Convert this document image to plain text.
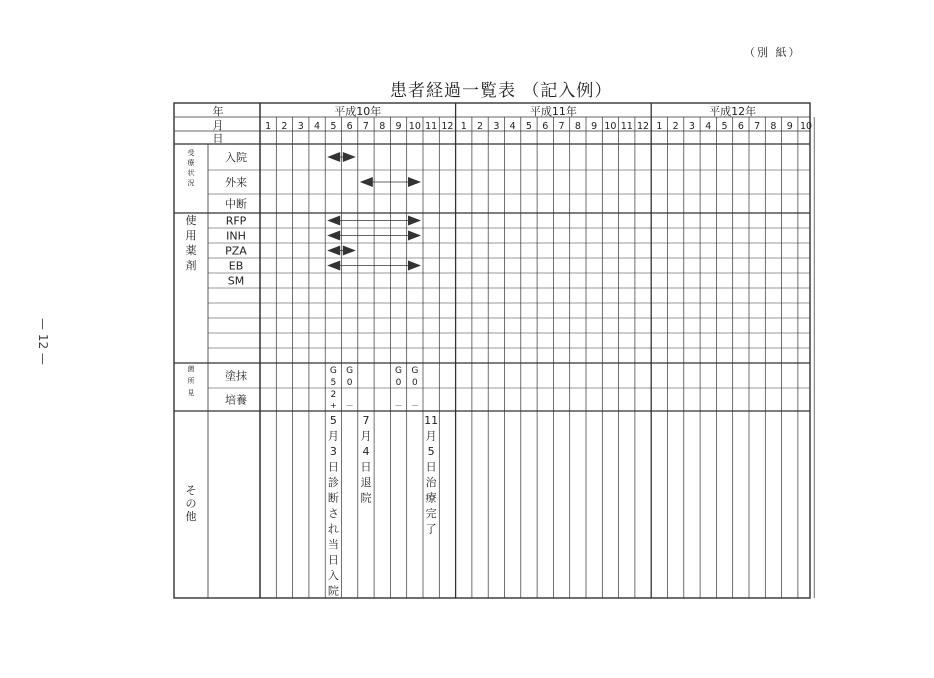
（別 紙）
患者経過一覧表 （記入例）
— 12 —
年
月
日
平成10年
1 2 3 4 5 6 7 8 9 10 11 12
平成11年
1 2 3 4 5 6 7 8 9 10 11 12
平成12年
1 2 3 4 5 6 7 8 9 10
入院
外来
中断
RFP
INH
PZA
EB
SM
塗抹
培養
受
療
状
況
使
用
薬
剤
菌
所
見
そ
の
他
G
5
2
+
G
0
－
G
0
－
G
0
－
5
月
3
日
診
断
さ
れ
当
日
入
院
7
月
4
日
退
院
11
月
5
日
治
療
完
了
